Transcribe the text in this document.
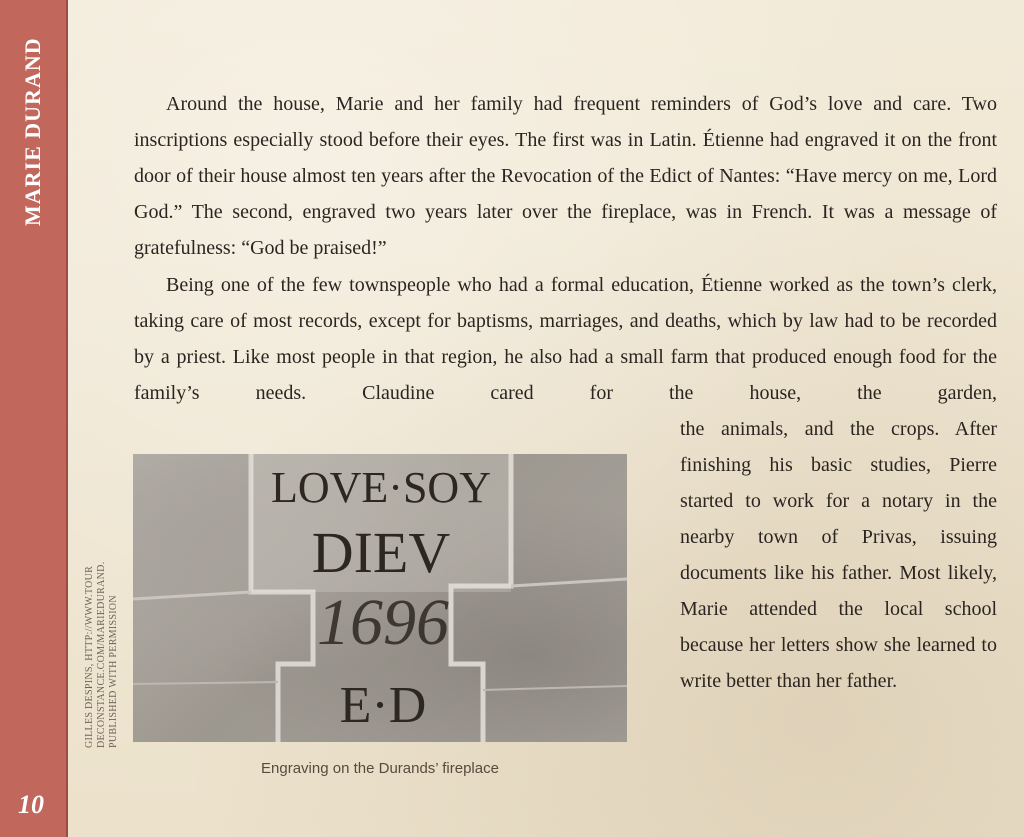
MARIE DURAND
10

Around the house, Marie and her family had frequent reminders of God’s love and care. Two inscriptions especially stood before their eyes. The first was in Latin. Étienne had engraved it on the front door of their house almost ten years after the Revocation of the Edict of Nantes: “Have mercy on me, Lord God.” The second, engraved two years later over the fireplace, was in French. It was a message of gratefulness: “God be praised!”

Being one of the few townspeople who had a formal education, Étienne worked as the town’s clerk, taking care of most records, except for baptisms, marriages, and deaths, which by law had to be recorded by a priest. Like most people in that region, he also had a small farm that produced enough food for the family’s needs. Claudine cared for the house, the garden,

the animals, and the crops. After finishing his basic studies, Pierre started to work for a notary in the nearby town of Privas, issuing documents like his father. Most likely, Marie attended the local school because her letters show she learned to write better than her father.

LOVE·SOY
DIEV
1696
E·D
GILLES DESPINS, HTTP://WWW.TOUR DECONSTANCE.COM/MARIEDURAND. PUBLISHED WITH PERMISSION
Engraving on the Durands’ fireplace
